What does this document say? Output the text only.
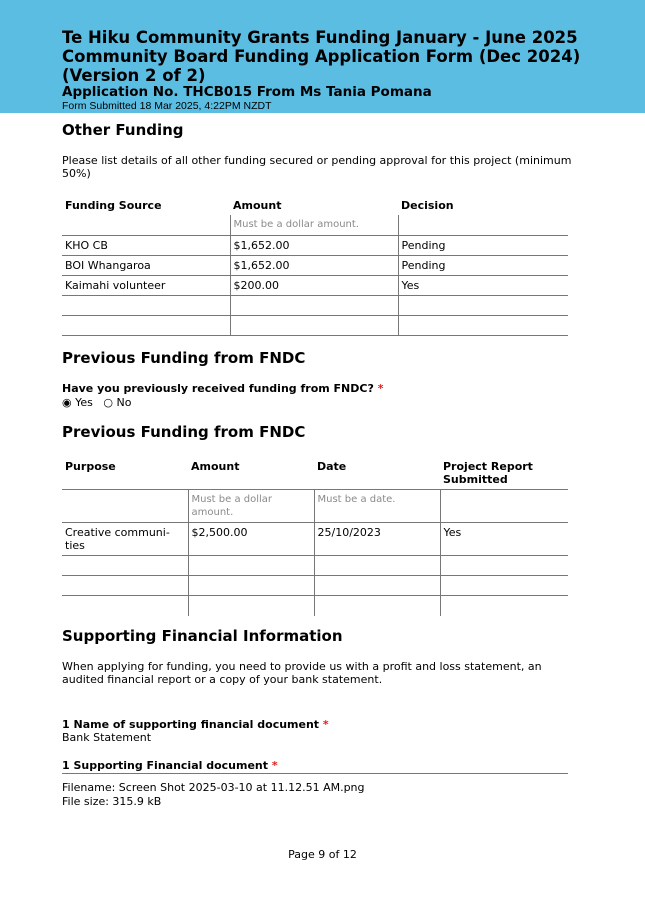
Te Hiku Community Grants Funding January - June 2025 Community Board Funding Application Form (Dec 2024) (Version 2 of 2)
Application No. THCB015 From Ms Tania Pomana
Form Submitted 18 Mar 2025, 4:22PM NZDT
Other Funding
Please list details of all other funding secured or pending approval for this project (minimum 50%)
Funding Source	Amount	Decision
	Must be a dollar amount.	
KHO CB	$1,652.00	Pending
BOI Whangaroa	$1,652.00	Pending
Kaimahi volunteer	$200.00	Yes

Previous Funding from FNDC
Have you previously received funding from FNDC? *
◉ Yes ○ No
Previous Funding from FNDC
Purpose	Amount	Date	Project Report Submitted
	Must be a dollar amount.	Must be a date.	
Creative communi-ties	$2,500.00	25/10/2023	Yes

Supporting Financial Information
When applying for funding, you need to provide us with a profit and loss statement, an audited financial report or a copy of your bank statement.
1 Name of supporting financial document *
Bank Statement
1 Supporting Financial document *
Filename: Screen Shot 2025-03-10 at 11.12.51 AM.png
File size: 315.9 kB
Page 9 of 12
